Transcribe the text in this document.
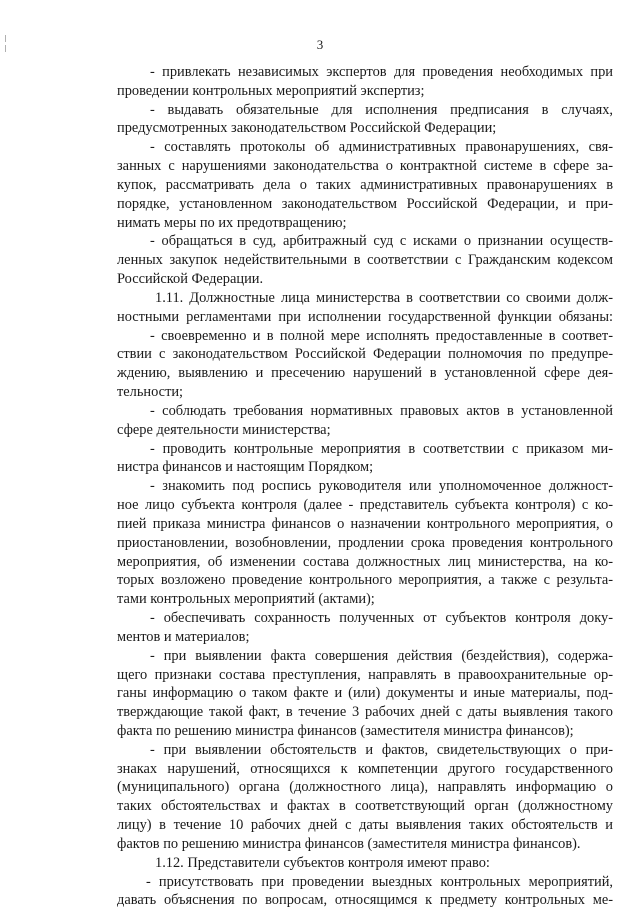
3
- привлекать независимых экспертов для проведения необходимых при
проведении контрольных мероприятий экспертиз;
- выдавать обязательные для исполнения предписания в случаях,
предусмотренных законодательством Российской Федерации;
- составлять протоколы об административных правонарушениях, свя-
занных с нарушениями законодательства о контрактной системе в сфере за-
купок, рассматривать дела о таких административных правонарушениях в
порядке, установленном законодательством Российской Федерации, и при-
нимать меры по их предотвращению;
- обращаться в суд, арбитражный суд с исками о признании осуществ-
ленных закупок недействительными в соответствии с Гражданским кодексом
Российской Федерации.
1.11. Должностные лица министерства в соответствии со своими долж-
ностными регламентами при исполнении государственной функции обязаны:
- своевременно и в полной мере исполнять предоставленные в соответ-
ствии с законодательством Российской Федерации полномочия по предупре-
ждению, выявлению и пресечению нарушений в установленной сфере дея-
тельности;
- соблюдать требования нормативных правовых актов в установленной
сфере деятельности министерства;
- проводить контрольные мероприятия в соответствии с приказом ми-
нистра финансов и настоящим Порядком;
- знакомить под роспись руководителя или уполномоченное должност-
ное лицо субъекта контроля (далее - представитель субъекта контроля) с ко-
пией приказа министра финансов о назначении контрольного мероприятия, о
приостановлении, возобновлении, продлении срока проведения контрольного
мероприятия, об изменении состава должностных лиц министерства, на ко-
торых возложено проведение контрольного мероприятия, а также с результа-
тами контрольных мероприятий (актами);
- обеспечивать сохранность полученных от субъектов контроля доку-
ментов и материалов;
- при выявлении факта совершения действия (бездействия), содержа-
щего признаки состава преступления, направлять в правоохранительные ор-
ганы информацию о таком факте и (или) документы и иные материалы, под-
тверждающие такой факт, в течение 3 рабочих дней с даты выявления такого
факта по решению министра финансов (заместителя министра финансов);
- при выявлении обстоятельств и фактов, свидетельствующих о при-
знаках нарушений, относящихся к компетенции другого государственного
(муниципального) органа (должностного лица), направлять информацию о
таких обстоятельствах и фактах в соответствующий орган (должностному
лицу) в течение 10 рабочих дней с даты выявления таких обстоятельств и
фактов по решению министра финансов (заместителя министра финансов).
1.12. Представители субъектов контроля имеют право:
- присутствовать при проведении выездных контрольных мероприятий,
давать объяснения по вопросам, относящимся к предмету контрольных ме-
